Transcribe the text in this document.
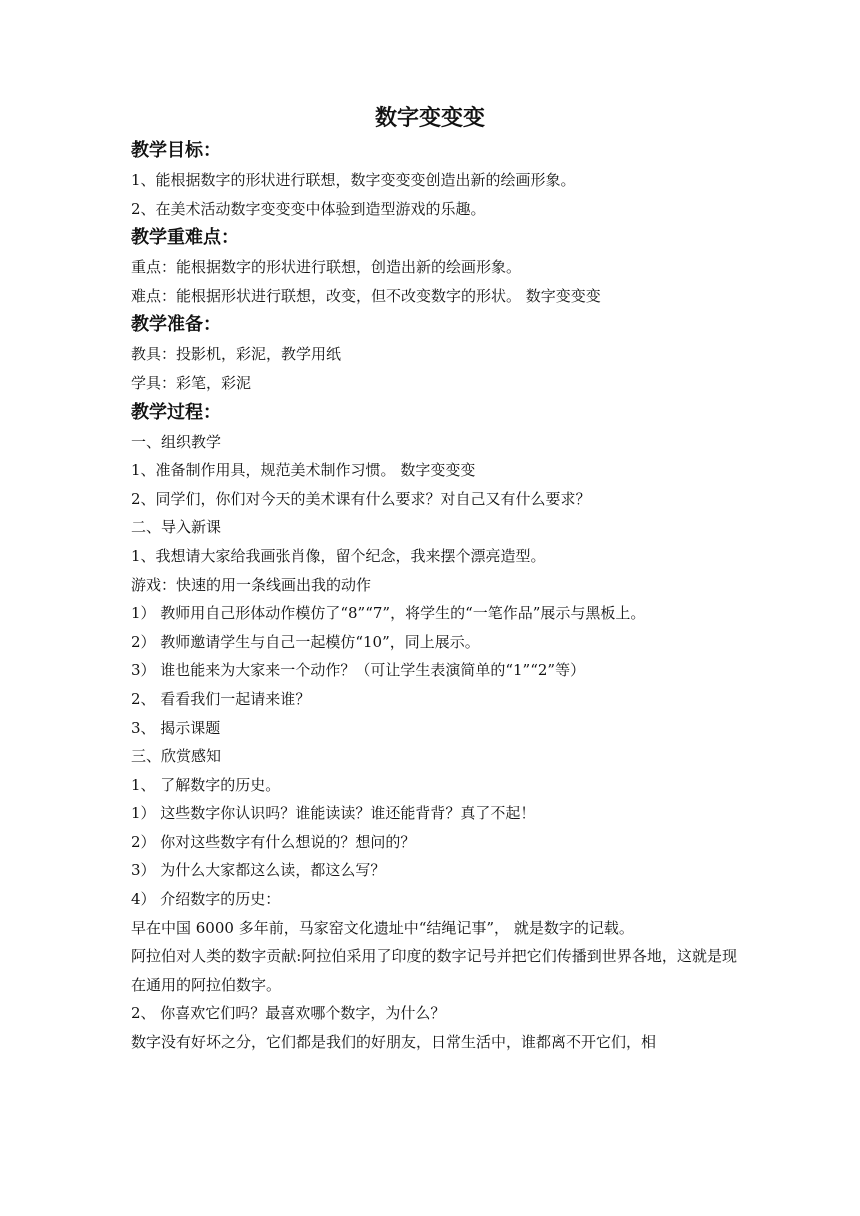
数字变变变
教学目标：
1、能根据数字的形状进行联想，数字变变变创造出新的绘画形象。
2、在美术活动数字变变变中体验到造型游戏的乐趣。
教学重难点：
重点：能根据数字的形状进行联想，创造出新的绘画形象。
难点：能根据形状进行联想，改变，但不改变数字的形状。 数字变变变
教学准备：
教具：投影机，彩泥，教学用纸
学具：彩笔，彩泥
教学过程：
一、组织教学
1、准备制作用具，规范美术制作习惯。 数字变变变
2、同学们，你们对今天的美术课有什么要求？对自己又有什么要求？
二、导入新课
1、我想请大家给我画张肖像，留个纪念，我来摆个漂亮造型。
游戏：快速的用一条线画出我的动作
1） 教师用自己形体动作模仿了“8”“7”，将学生的“一笔作品”展示与黑板上。
2） 教师邀请学生与自己一起模仿“10”，同上展示。
3） 谁也能来为大家来一个动作？（可让学生表演简单的“1”“2”等）
2、 看看我们一起请来谁？
3、 揭示课题
三、欣赏感知
1、 了解数字的历史。
1） 这些数字你认识吗？谁能读读？谁还能背背？真了不起！
2） 你对这些数字有什么想说的？想问的？
3） 为什么大家都这么读，都这么写？
4） 介绍数字的历史：
早在中国 6000 多年前，马家窑文化遗址中“结绳记事”， 就是数字的记载。
阿拉伯对人类的数字贡献:阿拉伯采用了印度的数字记号并把它们传播到世界各地，这就是现在通用的阿拉伯数字。
2、 你喜欢它们吗？最喜欢哪个数字，为什么？
数字没有好坏之分，它们都是我们的好朋友，日常生活中，谁都离不开它们，相
